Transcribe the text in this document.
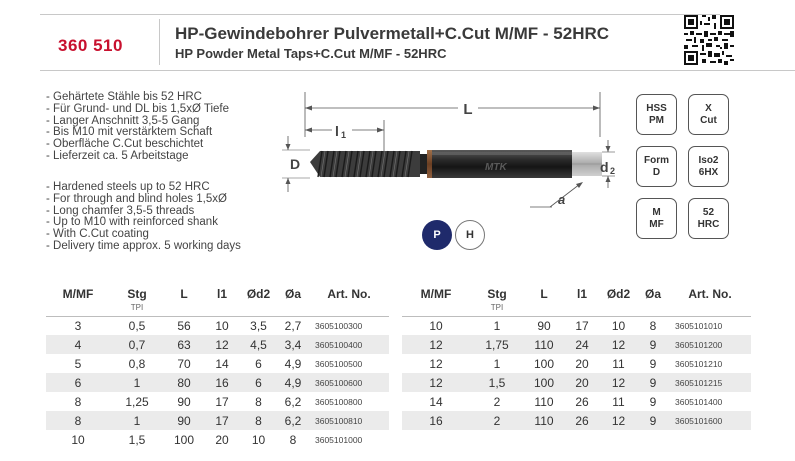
360 510
HP-Gewindebohrer Pulvermetall+C.Cut M/MF - 52HRC
HP Powder Metal Taps+C.Cut M/MF - 52HRC
- Gehärtete Stähle bis 52 HRC
- Für Grund- und DL bis 1,5xØ Tiefe
- Langer Anschnitt 3,5-5 Gang
- Bis M10 mit verstärktem Schaft
- Oberfläche C.Cut beschichtet
- Lieferzeit ca. 5 Arbeitstage
- Hardened steels up to 52 HRC
- For through and blind holes 1,5xØ
- Long chamfer 3,5-5 threads
- Up to M10 with reinforced shank
- With C.Cut coating
- Delivery time approx. 5 working days
L
l 1
D	MTK	d 2
a
HSS
PM
X
Cut
Form
D
Iso2
6HX
M
MF
52
HRC
P	H
M/MF	Stg
TPI	L	l1	Ød2	Øa	Art. No.
3	0,5	56	10	3,5	2,7	3605100300
4	0,7	63	12	4,5	3,4	3605100400
5	0,8	70	14	6	4,9	3605100500
6	1	80	16	6	4,9	3605100600
8	1,25	90	17	8	6,2	3605100800
8	1	90	17	8	6,2	3605100810
10	1,5	100	20	10	8	3605101000
M/MF	Stg
TPI	L	l1	Ød2	Øa	Art. No.
10	1	90	17	10	8	3605101010
12	1,75	110	24	12	9	3605101200
12	1	100	20	11	9	3605101210
12	1,5	100	20	12	9	3605101215
14	2	110	26	11	9	3605101400
16	2	110	26	12	9	3605101600
